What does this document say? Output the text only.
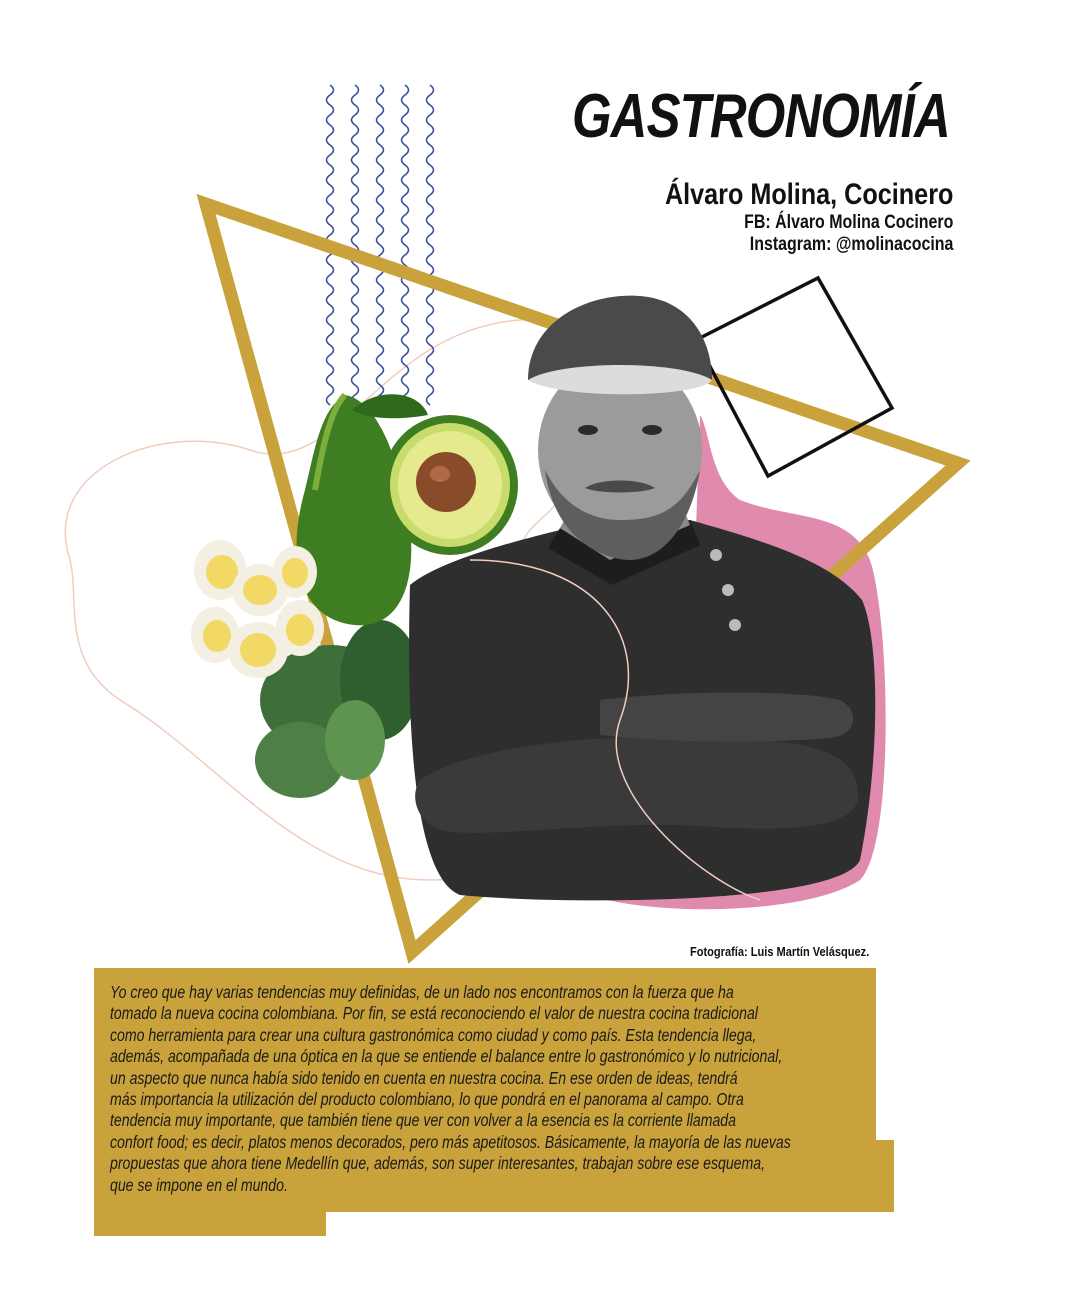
GASTRONOMÍA
Álvaro Molina, Cocinero
FB: Álvaro Molina Cocinero
Instagram: @molinacocina
Fotografía: Luis Martín Velásquez.
Yo creo que hay varias tendencias muy definidas, de un lado nos encontramos con la fuerza que ha
tomado la nueva cocina colombiana. Por fin, se está reconociendo el valor de nuestra cocina tradicional
como herramienta para crear una cultura gastronómica como ciudad y como país. Esta tendencia llega,
además, acompañada de una óptica en la que se entiende el balance entre lo gastronómico y lo nutricional,
un aspecto que nunca había sido tenido en cuenta en nuestra cocina. En ese orden de ideas, tendrá
más importancia la utilización del producto colombiano, lo que pondrá en el panorama al campo. Otra
tendencia muy importante, que también tiene que ver con volver a la esencia es la corriente llamada
confort food; es decir, platos menos decorados, pero más apetitosos. Básicamente, la mayoría de las nuevas
propuestas que ahora tiene Medellín que, además, son super interesantes, trabajan sobre ese esquema,
que se impone en el mundo.
